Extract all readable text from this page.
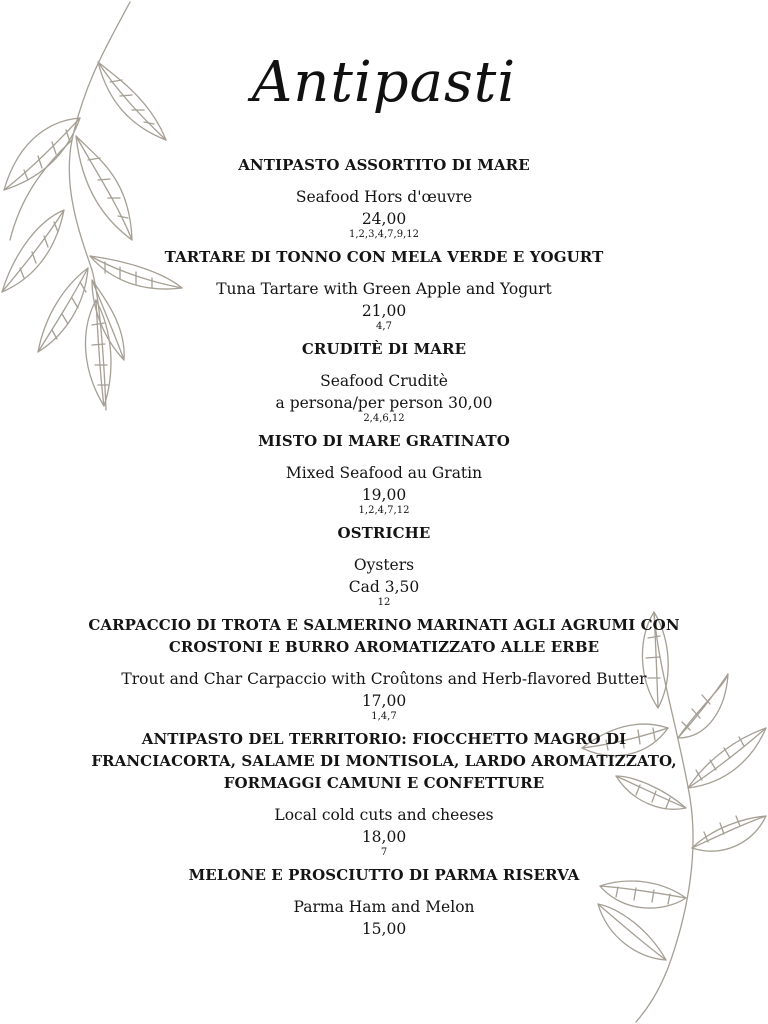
Antipasti
ANTIPASTO ASSORTITO DI MARE
Seafood Hors d'œuvre
24,00
1,2,3,4,7,9,12
TARTARE DI TONNO CON MELA VERDE E YOGURT
Tuna Tartare with Green Apple and Yogurt
21,00
4,7
CRUDITÈ DI MARE
Seafood Cruditè
a persona/per person 30,00
2,4,6,12
MISTO DI MARE GRATINATO
Mixed Seafood au Gratin
19,00
1,2,4,7,12
OSTRICHE
Oysters
Cad 3,50
12
CARPACCIO DI TROTA E SALMERINO MARINATI AGLI AGRUMI CON CROSTONI E BURRO AROMATIZZATO ALLE ERBE
Trout and Char Carpaccio with Croûtons and Herb-flavored Butter
17,00
1,4,7
ANTIPASTO DEL TERRITORIO: FIOCCHETTO MAGRO DI FRANCIACORTA, SALAME DI MONTISOLA, LARDO AROMATIZZATO, FORMAGGI CAMUNI E CONFETTURE
Local cold cuts and cheeses
18,00
7
MELONE E PROSCIUTTO DI PARMA RISERVA
Parma Ham and Melon
15,00
